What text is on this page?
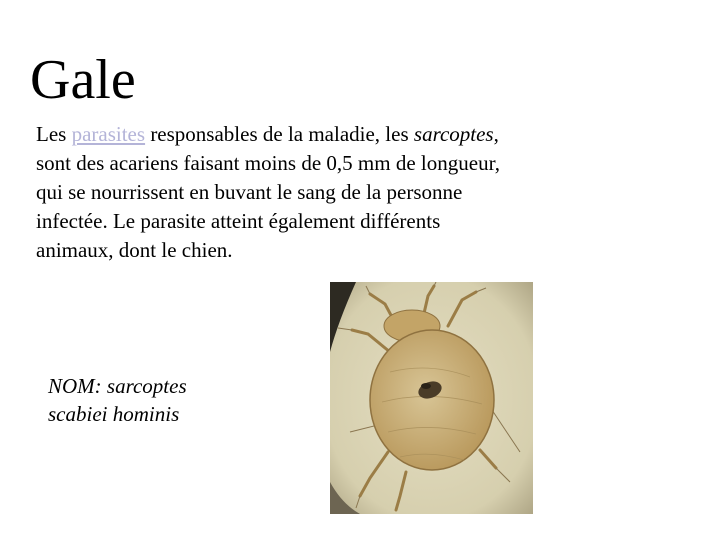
Gale
Les parasites responsables de la maladie, les sarcoptes, sont des acariens faisant moins de 0,5 mm de longueur, qui se nourrissent en buvant le sang de la personne infectée. Le parasite atteint également différents animaux, dont le chien.
NOM: sarcoptes
scabiei hominis
